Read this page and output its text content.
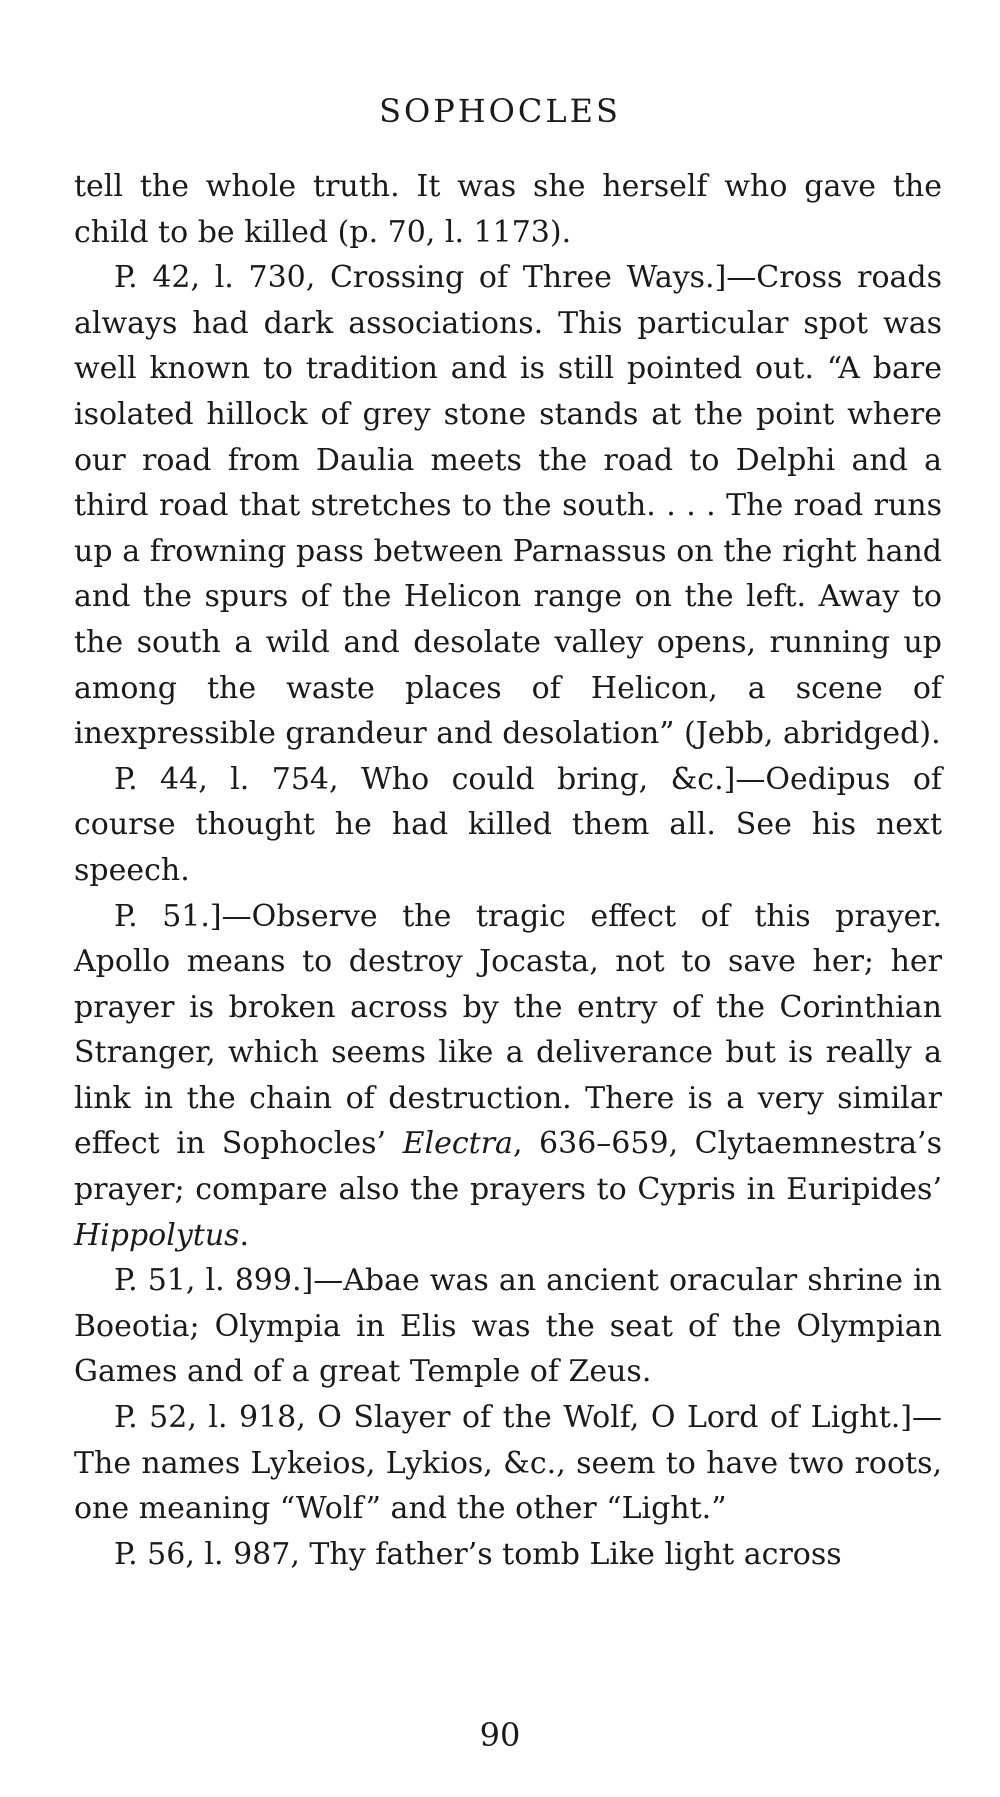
SOPHOCLES

tell the whole truth. It was she herself who gave the child to be killed (p. 70, l. 1173).

P. 42, l. 730, Crossing of Three Ways.]—Cross roads always had dark associations. This particular spot was well known to tradition and is still pointed out. “A bare isolated hillock of grey stone stands at the point where our road from Daulia meets the road to Delphi and a third road that stretches to the south. . . . The road runs up a frowning pass between Parnassus on the right hand and the spurs of the Helicon range on the left. Away to the south a wild and desolate valley opens, running up among the waste places of Helicon, a scene of inexpressible grandeur and desolation” (Jebb, abridged).

P. 44, l. 754, Who could bring, &c.]—Oedipus of course thought he had killed them all. See his next speech.

P. 51.]—Observe the tragic effect of this prayer. Apollo means to destroy Jocasta, not to save her; her prayer is broken across by the entry of the Corinthian Stranger, which seems like a deliverance but is really a link in the chain of destruction. There is a very similar effect in Sophocles’ Electra, 636–659, Clytaemnestra’s prayer; compare also the prayers to Cypris in Euripides’ Hippolytus.

P. 51, l. 899.]—Abae was an ancient oracular shrine in Boeotia; Olympia in Elis was the seat of the Olympian Games and of a great Temple of Zeus.

P. 52, l. 918, O Slayer of the Wolf, O Lord of Light.]—The names Lykeios, Lykios, &c., seem to have two roots, one meaning “Wolf” and the other “Light.”

P. 56, l. 987, Thy father’s tomb Like light across

90
